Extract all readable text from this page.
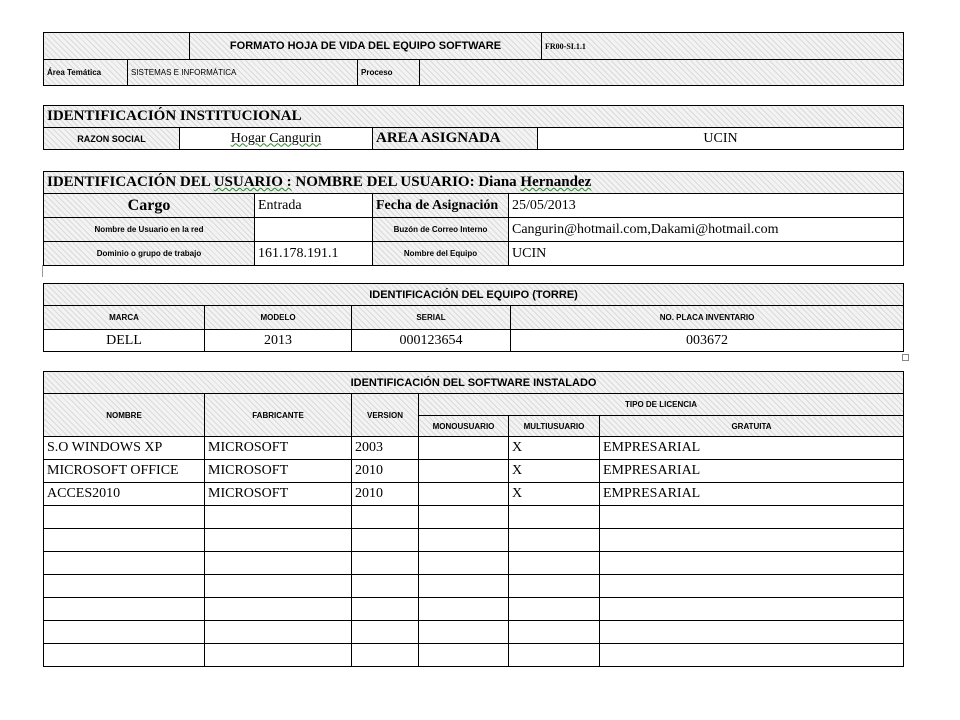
		FORMATO HOJA DE VIDA DEL EQUIPO SOFTWARE			FR00-SI.1.1
Área Temática	SISTEMAS E INFORMÁTICA		Proceso		
IDENTIFICACIÓN INSTITUCIONAL
RAZON SOCIAL	Hogar Cangurin	AREA ASIGNADA	UCIN
IDENTIFICACIÓN DEL USUARIO : NOMBRE DEL USUARIO: Diana Hernandez			
Cargo	Entrada	Fecha de Asignación	25/05/2013
Nombre de Usuario en la red		Buzón de Correo Interno	Cangurin@hotmail.com,Dakami@hotmail.com
Dominio o grupo de trabajo	161.178.191.1	Nombre del Equipo	UCIN
IDENTIFICACIÓN DEL EQUIPO (TORRE)			
MARCA	MODELO	SERIAL	NO. PLACA INVENTARIO
DELL	2013	000123654	003672
IDENTIFICACIÓN DEL SOFTWARE INSTALADO					
NOMBRE	FABRICANTE	VERSION	TIPO DE LICENCIA		
			MONOUSUARIO	MULTIUSUARIO	GRATUITA
S.O WINDOWS XP	MICROSOFT	2003		X	EMPRESARIAL
MICROSOFT OFFICE	MICROSOFT	2010		X	EMPRESARIAL
ACCES2010	MICROSOFT	2010		X	EMPRESARIAL
